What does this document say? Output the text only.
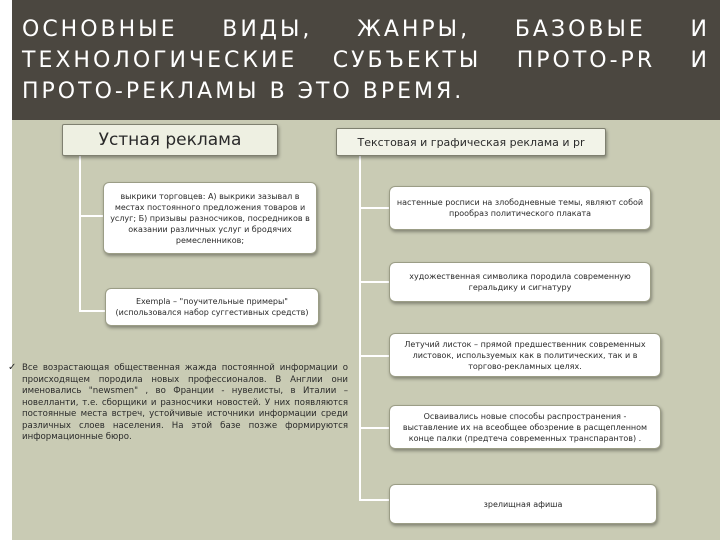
ОСНОВНЫЕ ВИДЫ, ЖАНРЫ, БАЗОВЫЕ И ТЕХНОЛОГИЧЕСКИЕ СУБЪЕКТЫ ПРОТО-PR И ПРОТО-РЕКЛАМЫ В ЭТО ВРЕМЯ.
Устная реклама
выкрики торговцев: А) выкрики зазывал в местах постоянного предложения товаров и услуг; Б) призывы разносчиков, посредников в оказании различных услуг и бродячих ремесленников;
Exempla – "поучительные примеры" (использовался набор суггестивных средств)
✓ Все возрастающая общественная жажда постоянной информации о происходящем породила новых профессионалов. В Англии они именовались "newsmen" , во Франции - нувелисты, в Италии – новелланти, т.е. сборщики и разносчики новостей. У них появляются постоянные места встреч, устойчивые источники информации среди различных слоев населения. На этой базе позже формируются информационные бюро.
Текстовая и графическая реклама и pr
настенные росписи на злободневные темы, являют собой прообраз политического плаката
художественная символика породила современную геральдику и сигнатуру
Летучий листок – прямой предшественник современных листовок, используемых как в политических, так и в торгово-рекламных целях.
Осваивались новые способы распространения - выставление их на всеобщее обозрение в расщепленном конце палки (предтеча современных транспарантов) .
зрелищная афиша
